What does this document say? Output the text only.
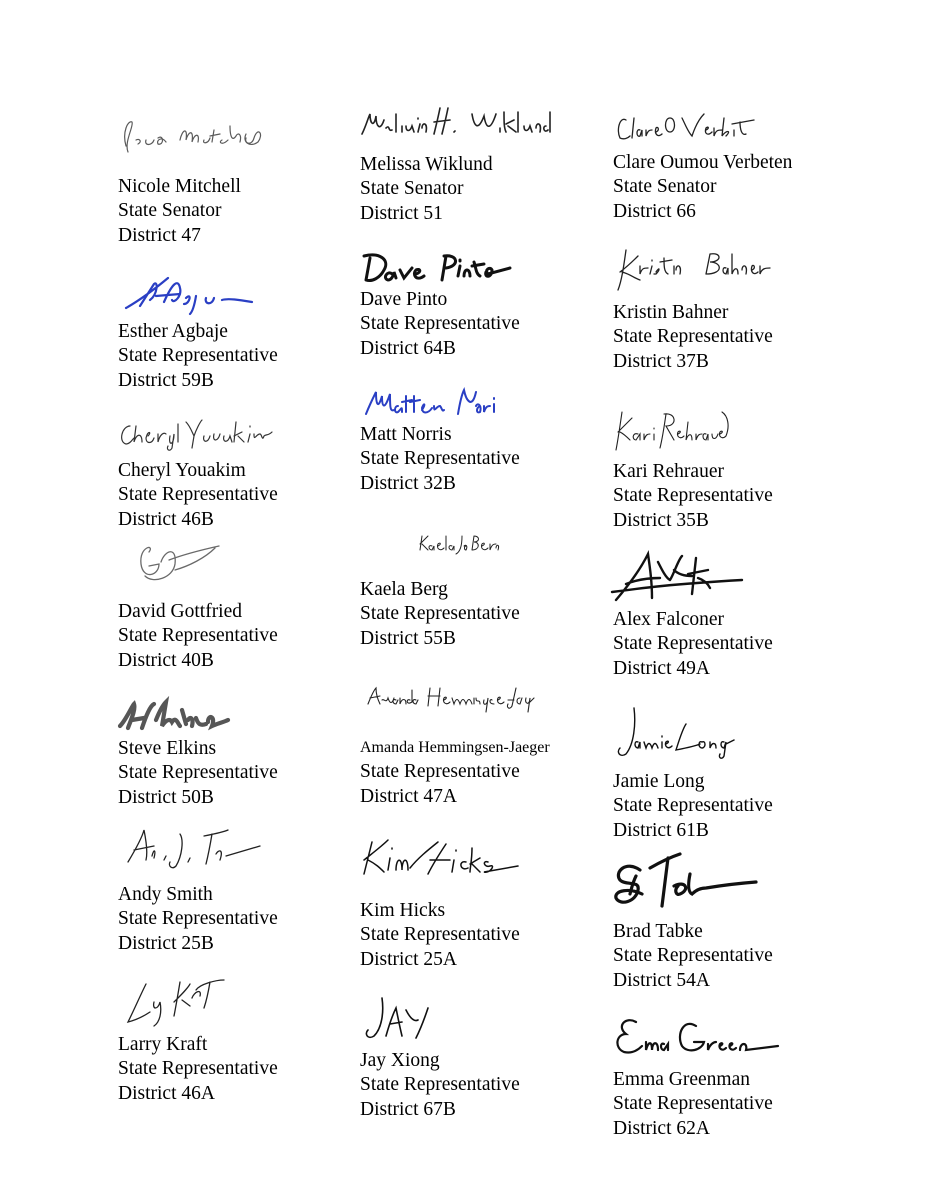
Nicole Mitchell
State Senator
District 47
Esther Agbaje
State Representative
District 59B
Cheryl Youakim
State Representative
District 46B
David Gottfried
State Representative
District 40B
Steve Elkins
State Representative
District 50B
Andy Smith
State Representative
District 25B
Larry Kraft
State Representative
District 46A
Melissa Wiklund
State Senator
District 51
Dave Pinto
State Representative
District 64B
Matt Norris
State Representative
District 32B
Kaela Berg
State Representative
District 55B
Amanda Hemmingsen-Jaeger
State Representative
District 47A
Kim Hicks
State Representative
District 25A
Jay Xiong
State Representative
District 67B
Clare Oumou Verbeten
State Senator
District 66
Kristin Bahner
State Representative
District 37B
Kari Rehrauer
State Representative
District 35B
Alex Falconer
State Representative
District 49A
Jamie Long
State Representative
District 61B
Brad Tabke
State Representative
District 54A
Emma Greenman
State Representative
District 62A
